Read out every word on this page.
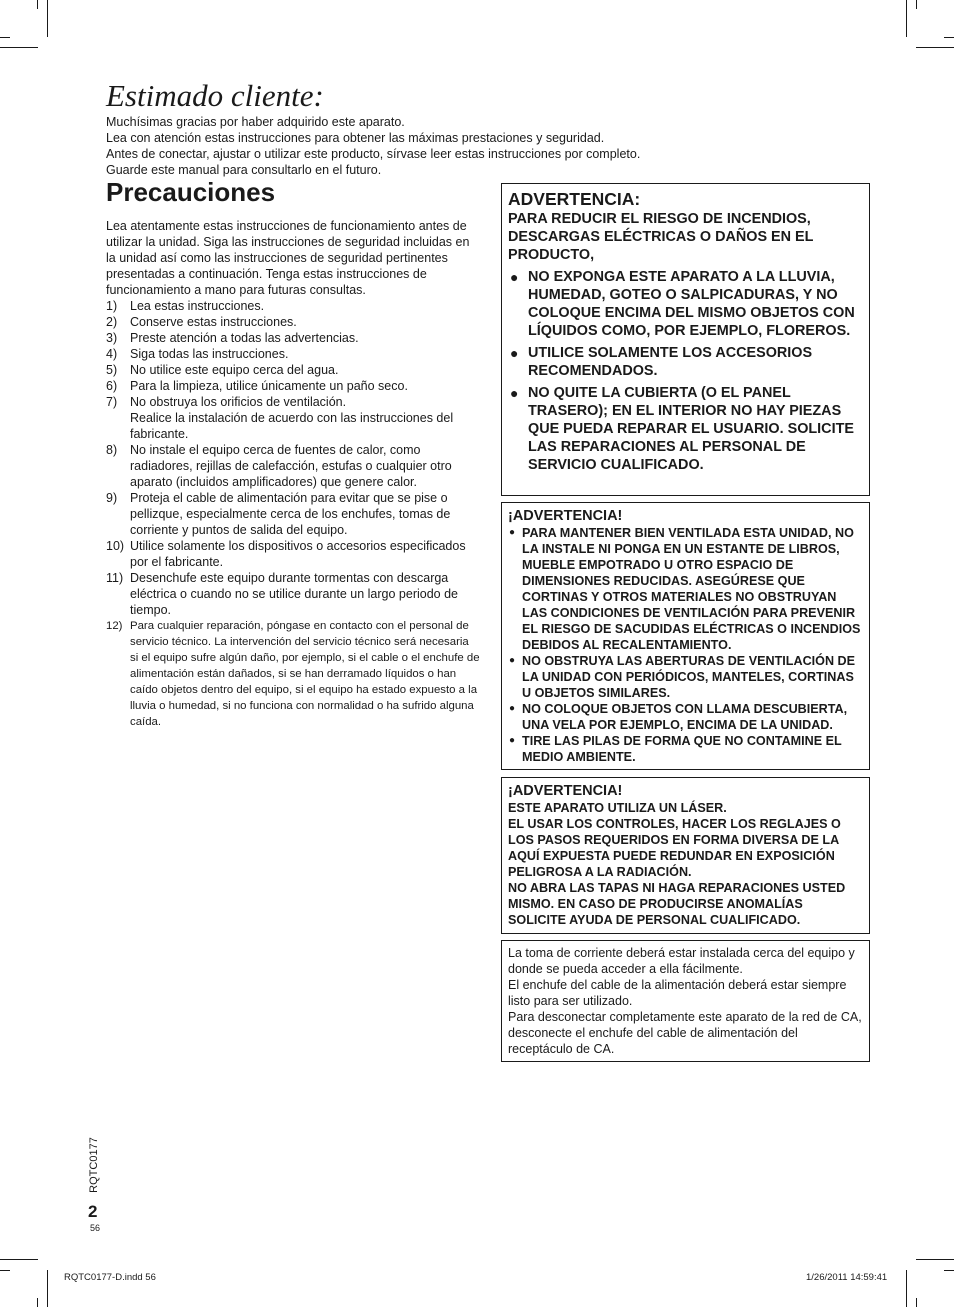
Estimado cliente:
Muchísimas gracias por haber adquirido este aparato.
Lea con atención estas instrucciones para obtener las máximas prestaciones y seguridad.
Antes de conectar, ajustar o utilizar este producto, sírvase leer estas instrucciones por completo.
Guarde este manual para consultarlo en el futuro.
Precauciones

Lea atentamente estas instrucciones de funcionamiento antes de utilizar la unidad. Siga las instrucciones de seguridad incluidas en la unidad así como las instrucciones de seguridad pertinentes presentadas a continuación. Tenga estas instrucciones de funcionamiento a mano para futuras consultas.

1) Lea estas instrucciones.
2) Conserve estas instrucciones.
3) Preste atención a todas las advertencias.
4) Siga todas las instrucciones.
5) No utilice este equipo cerca del agua.
6) Para la limpieza, utilice únicamente un paño seco.
7) No obstruya los orificios de ventilación.
Realice la instalación de acuerdo con las instrucciones del fabricante.
8) No instale el equipo cerca de fuentes de calor, como radiadores, rejillas de calefacción, estufas o cualquier otro aparato (incluidos amplificadores) que genere calor.
9) Proteja el cable de alimentación para evitar que se pise o pellizque, especialmente cerca de los enchufes, tomas de corriente y puntos de salida del equipo.
10) Utilice solamente los dispositivos o accesorios especificados por el fabricante.
11) Desenchufe este equipo durante tormentas con descarga eléctrica o cuando no se utilice durante un largo periodo de tiempo.
12) Para cualquier reparación, póngase en contacto con el personal de servicio técnico. La intervención del servicio técnico será necesaria si el equipo sufre algún daño, por ejemplo, si el cable o el enchufe de alimentación están dañados, si se han derramado líquidos o han caído objetos dentro del equipo, si el equipo ha estado expuesto a la lluvia o humedad, si no funciona con normalidad o ha sufrido alguna caída.
ADVERTENCIA:
PARA REDUCIR EL RIESGO DE INCENDIOS, DESCARGAS ELÉCTRICAS O DAÑOS EN EL PRODUCTO,
● NO EXPONGA ESTE APARATO A LA LLUVIA, HUMEDAD, GOTEO O SALPICADURAS, Y NO COLOQUE ENCIMA DEL MISMO OBJETOS CON LÍQUIDOS COMO, POR EJEMPLO, FLOREROS.
● UTILICE SOLAMENTE LOS ACCESORIOS RECOMENDADOS.
● NO QUITE LA CUBIERTA (O EL PANEL TRASERO); EN EL INTERIOR NO HAY PIEZAS QUE PUEDA REPARAR EL USUARIO. SOLICITE LAS REPARACIONES AL PERSONAL DE SERVICIO CUALIFICADO.
¡ADVERTENCIA!
● PARA MANTENER BIEN VENTILADA ESTA UNIDAD, NO LA INSTALE NI PONGA EN UN ESTANTE DE LIBROS, MUEBLE EMPOTRADO U OTRO ESPACIO DE DIMENSIONES REDUCIDAS. ASEGÚRESE QUE CORTINAS Y OTROS MATERIALES NO OBSTRUYAN LAS CONDICIONES DE VENTILACIÓN PARA PREVENIR EL RIESGO DE SACUDIDAS ELÉCTRICAS O INCENDIOS DEBIDOS AL RECALENTAMIENTO.
● NO OBSTRUYA LAS ABERTURAS DE VENTILACIÓN DE LA UNIDAD CON PERIÓDICOS, MANTELES, CORTINAS U OBJETOS SIMILARES.
● NO COLOQUE OBJETOS CON LLAMA DESCUBIERTA, UNA VELA POR EJEMPLO, ENCIMA DE LA UNIDAD.
● TIRE LAS PILAS DE FORMA QUE NO CONTAMINE EL MEDIO AMBIENTE.
¡ADVERTENCIA!
ESTE APARATO UTILIZA UN LÁSER.
EL USAR LOS CONTROLES, HACER LOS REGLAJES O LOS PASOS REQUERIDOS EN FORMA DIVERSA DE LA AQUÍ EXPUESTA PUEDE REDUNDAR EN EXPOSICIÓN PELIGROSA A LA RADIACIÓN.
NO ABRA LAS TAPAS NI HAGA REPARACIONES USTED MISMO. EN CASO DE PRODUCIRSE ANOMALÍAS SOLICITE AYUDA DE PERSONAL CUALIFICADO.
La toma de corriente deberá estar instalada cerca del equipo y donde se pueda acceder a ella fácilmente.
El enchufe del cable de la alimentación deberá estar siempre listo para ser utilizado.
Para desconectar completamente este aparato de la red de CA, desconecte el enchufe del cable de alimentación del receptáculo de CA.
RQTC0177
2
56
RQTC0177-D.indd 56	1/26/2011 14:59:41
